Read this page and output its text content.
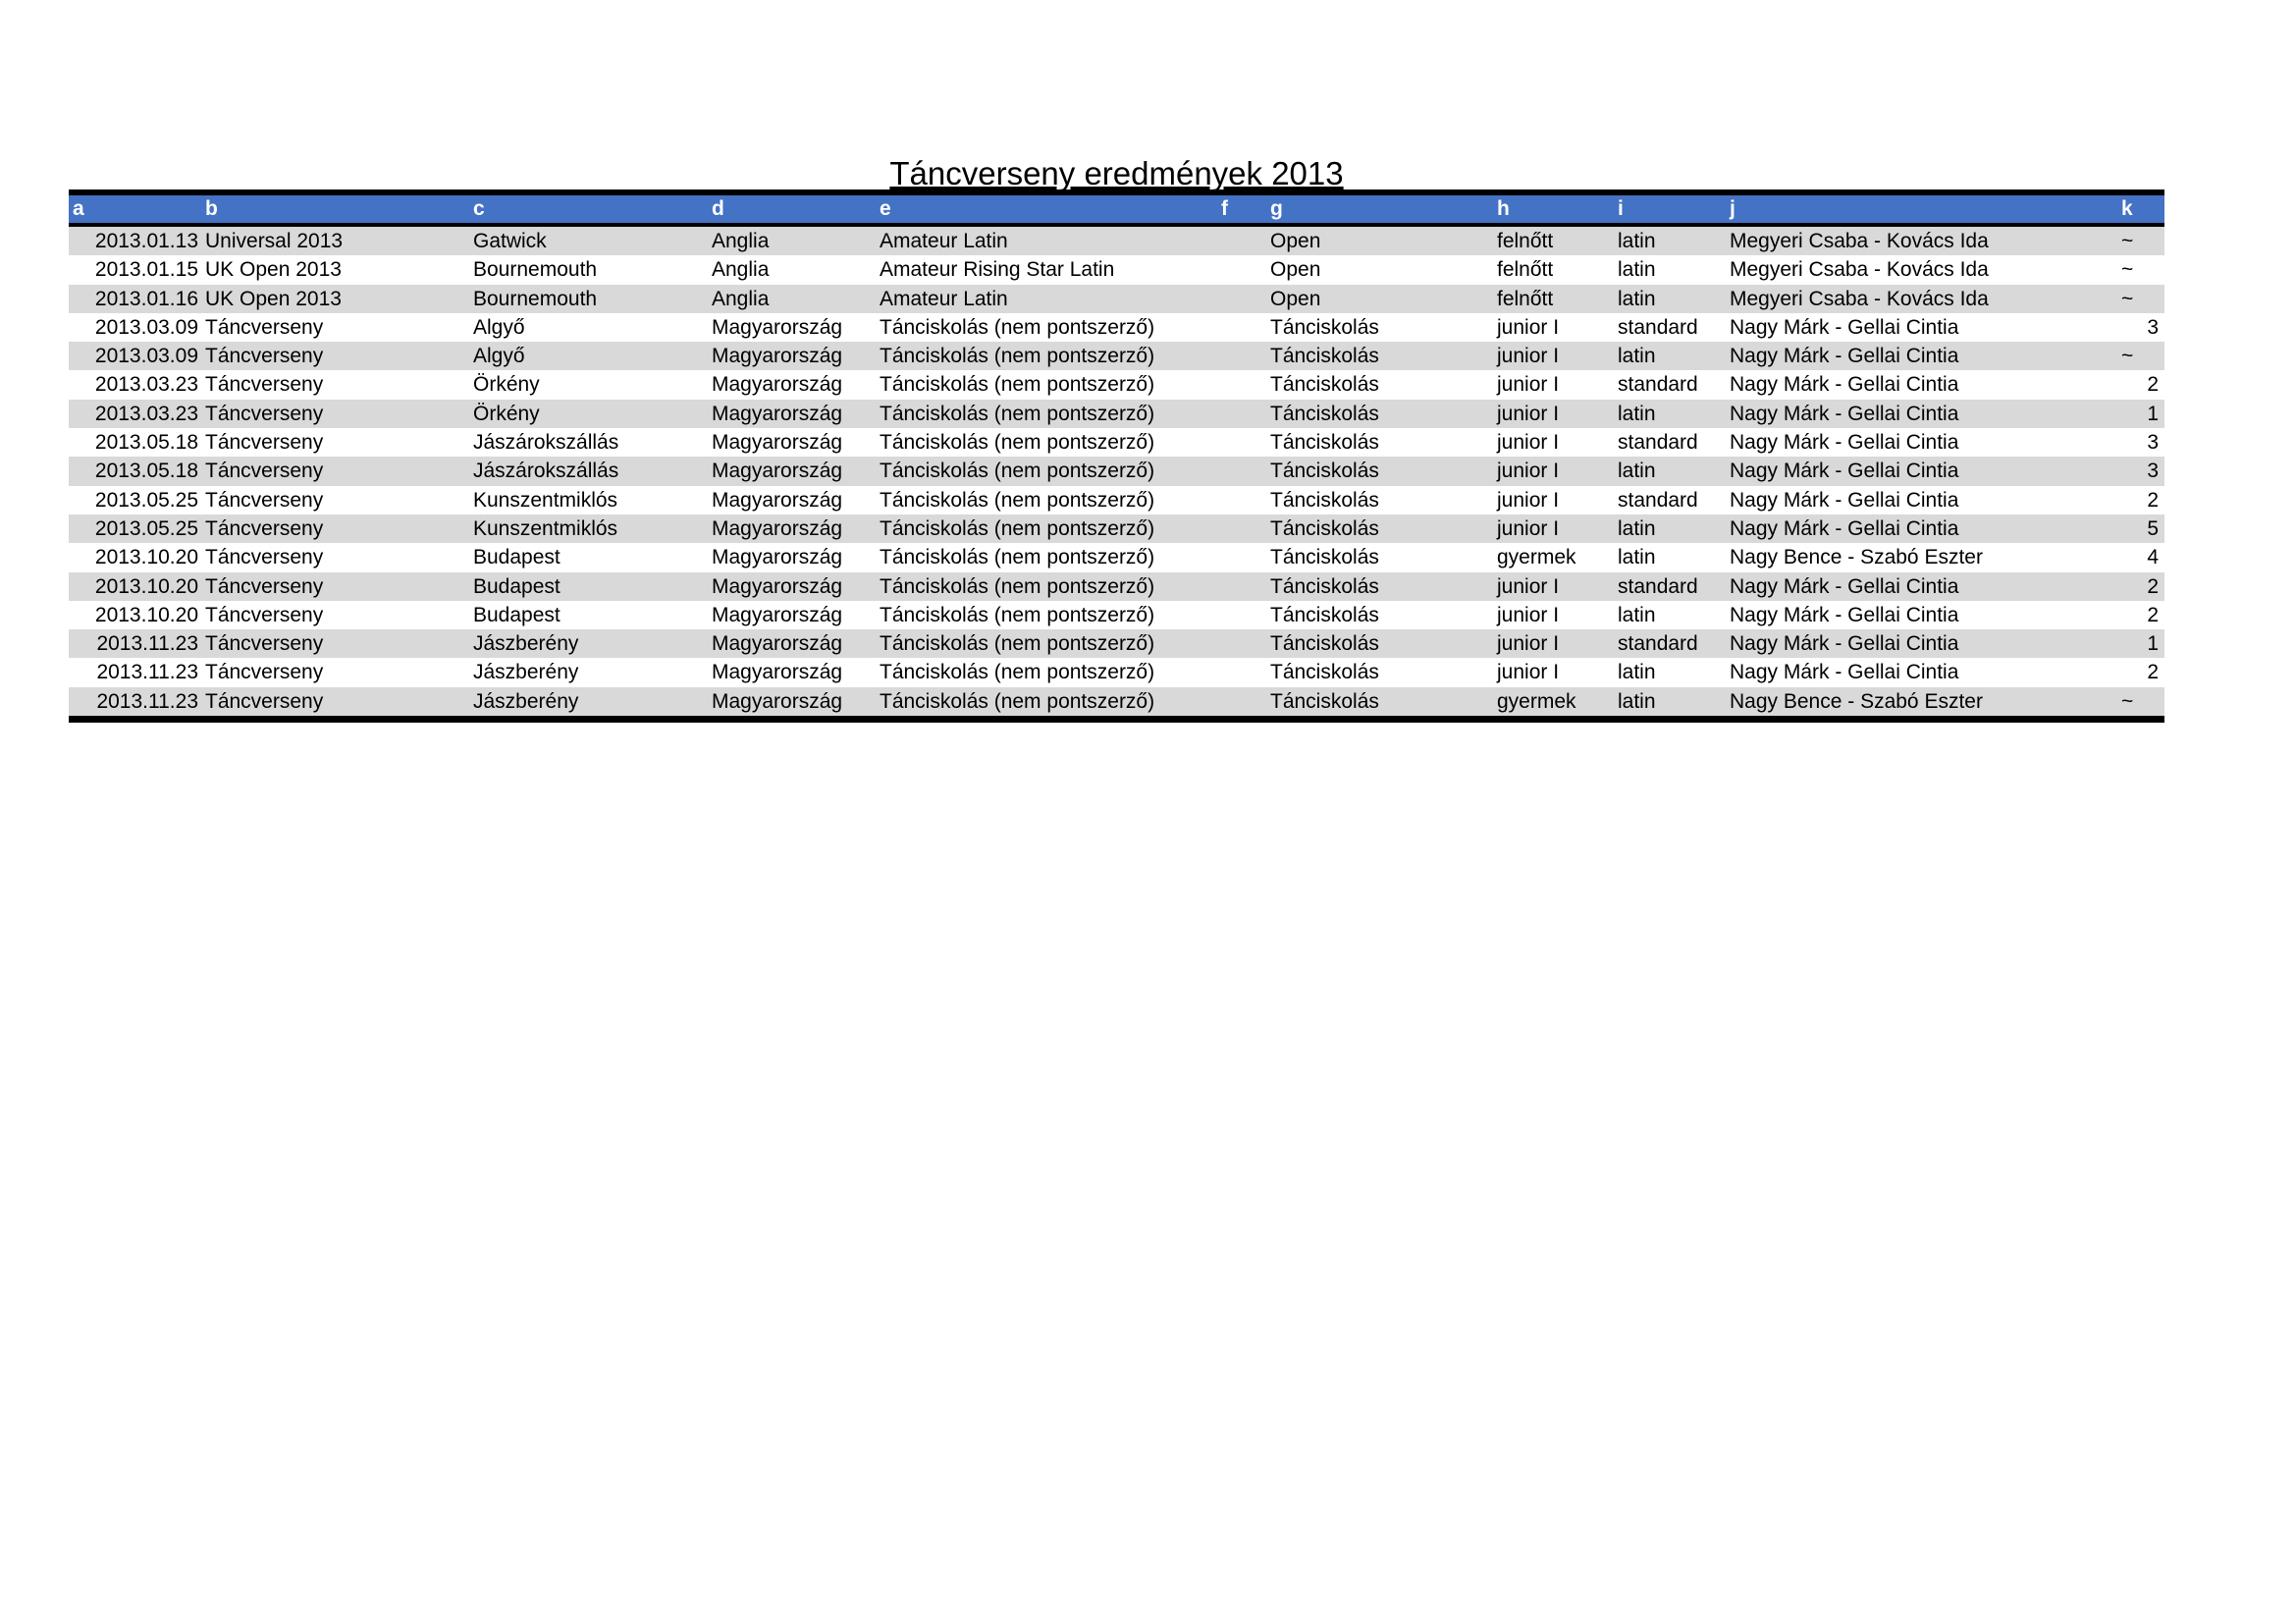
Táncverseny eredmények 2013
a	b	c	d	e	f	g	h	i	j	k
2013.01.13 Universal 2013	Gatwick	Anglia	Amateur Latin	Open	felnőtt	latin	Megyeri Csaba - Kovács Ida	~
2013.01.15 UK Open 2013	Bournemouth	Anglia	Amateur Rising Star Latin	Open	felnőtt	latin	Megyeri Csaba - Kovács Ida	~
2013.01.16 UK Open 2013	Bournemouth	Anglia	Amateur Latin	Open	felnőtt	latin	Megyeri Csaba - Kovács Ida	~
2013.03.09 Táncverseny	Algyő	Magyarország	Tánciskolás (nem pontszerző)	Tánciskolás	junior I	standard	Nagy Márk - Gellai Cintia	3
2013.03.09 Táncverseny	Algyő	Magyarország	Tánciskolás (nem pontszerző)	Tánciskolás	junior I	latin	Nagy Márk - Gellai Cintia	~
2013.03.23 Táncverseny	Örkény	Magyarország	Tánciskolás (nem pontszerző)	Tánciskolás	junior I	standard	Nagy Márk - Gellai Cintia	2
2013.03.23 Táncverseny	Örkény	Magyarország	Tánciskolás (nem pontszerző)	Tánciskolás	junior I	latin	Nagy Márk - Gellai Cintia	1
2013.05.18 Táncverseny	Jászárokszállás	Magyarország	Tánciskolás (nem pontszerző)	Tánciskolás	junior I	standard	Nagy Márk - Gellai Cintia	3
2013.05.18 Táncverseny	Jászárokszállás	Magyarország	Tánciskolás (nem pontszerző)	Tánciskolás	junior I	latin	Nagy Márk - Gellai Cintia	3
2013.05.25 Táncverseny	Kunszentmiklós	Magyarország	Tánciskolás (nem pontszerző)	Tánciskolás	junior I	standard	Nagy Márk - Gellai Cintia	2
2013.05.25 Táncverseny	Kunszentmiklós	Magyarország	Tánciskolás (nem pontszerző)	Tánciskolás	junior I	latin	Nagy Márk - Gellai Cintia	5
2013.10.20 Táncverseny	Budapest	Magyarország	Tánciskolás (nem pontszerző)	Tánciskolás	gyermek	latin	Nagy Bence - Szabó Eszter	4
2013.10.20 Táncverseny	Budapest	Magyarország	Tánciskolás (nem pontszerző)	Tánciskolás	junior I	standard	Nagy Márk - Gellai Cintia	2
2013.10.20 Táncverseny	Budapest	Magyarország	Tánciskolás (nem pontszerző)	Tánciskolás	junior I	latin	Nagy Márk - Gellai Cintia	2
2013.11.23 Táncverseny	Jászberény	Magyarország	Tánciskolás (nem pontszerző)	Tánciskolás	junior I	standard	Nagy Márk - Gellai Cintia	1
2013.11.23 Táncverseny	Jászberény	Magyarország	Tánciskolás (nem pontszerző)	Tánciskolás	junior I	latin	Nagy Márk - Gellai Cintia	2
2013.11.23 Táncverseny	Jászberény	Magyarország	Tánciskolás (nem pontszerző)	Tánciskolás	gyermek	latin	Nagy Bence - Szabó Eszter	~
